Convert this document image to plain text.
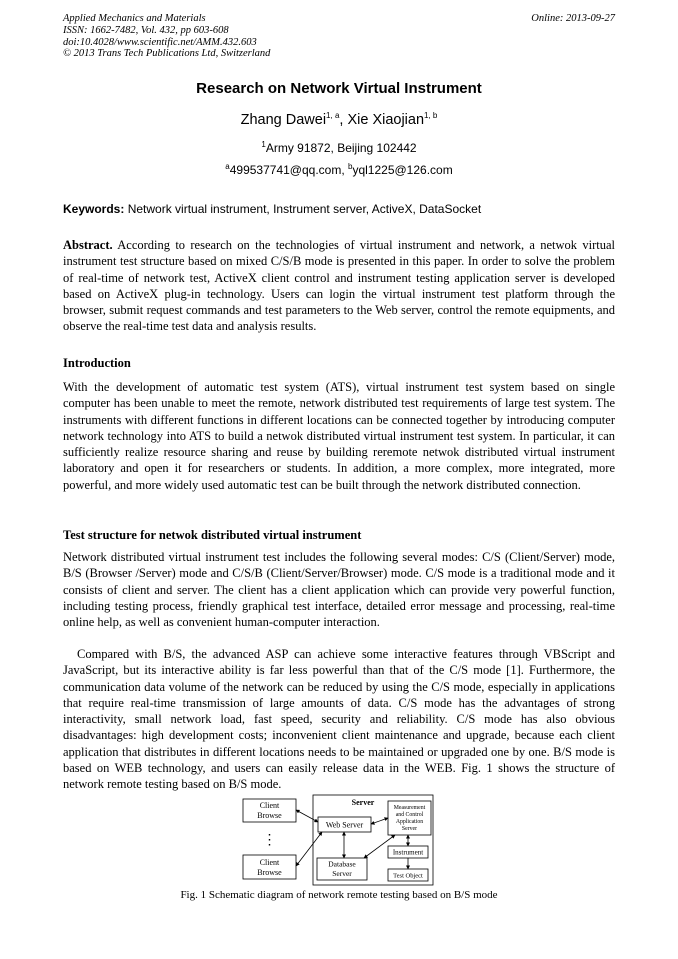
Applied Mechanics and Materials
ISSN: 1662-7482, Vol. 432, pp 603-608
doi:10.4028/www.scientific.net/AMM.432.603
© 2013 Trans Tech Publications Ltd, Switzerland
Online: 2013-09-27
Research on Network Virtual Instrument
Zhang Dawei$^{1, a}$, Xie Xiaojian$^{1, b}$
$^1$Army 91872, Beijing 102442
$^a$499537741@qq.com, $^b$yql1225@126.com
Keywords: Network virtual instrument, Instrument server, ActiveX, DataSocket
Abstract. According to research on the technologies of virtual instrument and network, a netwok virtual instrument test structure based on mixed C/S/B mode is presented in this paper. In order to solve the problem of real-time of network test, ActiveX client control and instrument testing application server is developed based on ActiveX plug-in technology. Users can login the virtual instrument test platform through the browser, submit request commands and test parameters to the Web server, control the remote equipments, and observe the real-time test data and analysis results.
Introduction
With the development of automatic test system (ATS), virtual instrument test system based on single computer has been unable to meet the remote, network distributed test requirements of large test system. The instruments with different functions in different locations can be connected together by introducing computer network technology into ATS to build a netwok distributed virtual instrument test system. In particular, it can sufficiently realize resource sharing and reuse by building reremote netwok distributed virtual instrument laboratory and open it for researchers or students. In addition, a more complex, more integrated, more powerful, and more widely used automatic test can be built through the network distributed connection.
Test structure for netwok distributed virtual instrument
Network distributed virtual instrument test includes the following several modes: C/S (Client/Server) mode, B/S (Browser /Server) mode and C/S/B (Client/Server/Browser) mode. C/S mode is a traditional mode and it consists of client and server. The client has a client application which can provide very powerful function, including testing process, friendly graphical test interface, detailed error message and processing, real-time online help, as well as convenient human-computer interaction.
Compared with B/S, the advanced ASP can achieve some interactive features through VBScript and JavaScript, but its interactive ability is far less powerful than that of the C/S mode [1]. Furthermore, the communication data volume of the network can be reduced by using the C/S mode, especially in applications that require real-time transmission of large amounts of data. C/S mode has the advantages of strong interactivity, small network load, fast speed, security and reliability. C/S mode has also obvious disadvantages: high development costs; inconvenient client maintenance and upgrade, because each client application that distributes in different locations needs to be maintained or upgraded one by one. B/S mode is based on WEB technology, and users can easily release data in the WEB. Fig. 1 shows the structure of network remote testing based on B/S mode.
Client
Browse
⋮
Client
Browse
Server
Web Server
Measurement
and Control
Application
Server
Database
Server
Instrument
Test Object
Fig. 1 Schematic diagram of network remote testing based on B/S mode
